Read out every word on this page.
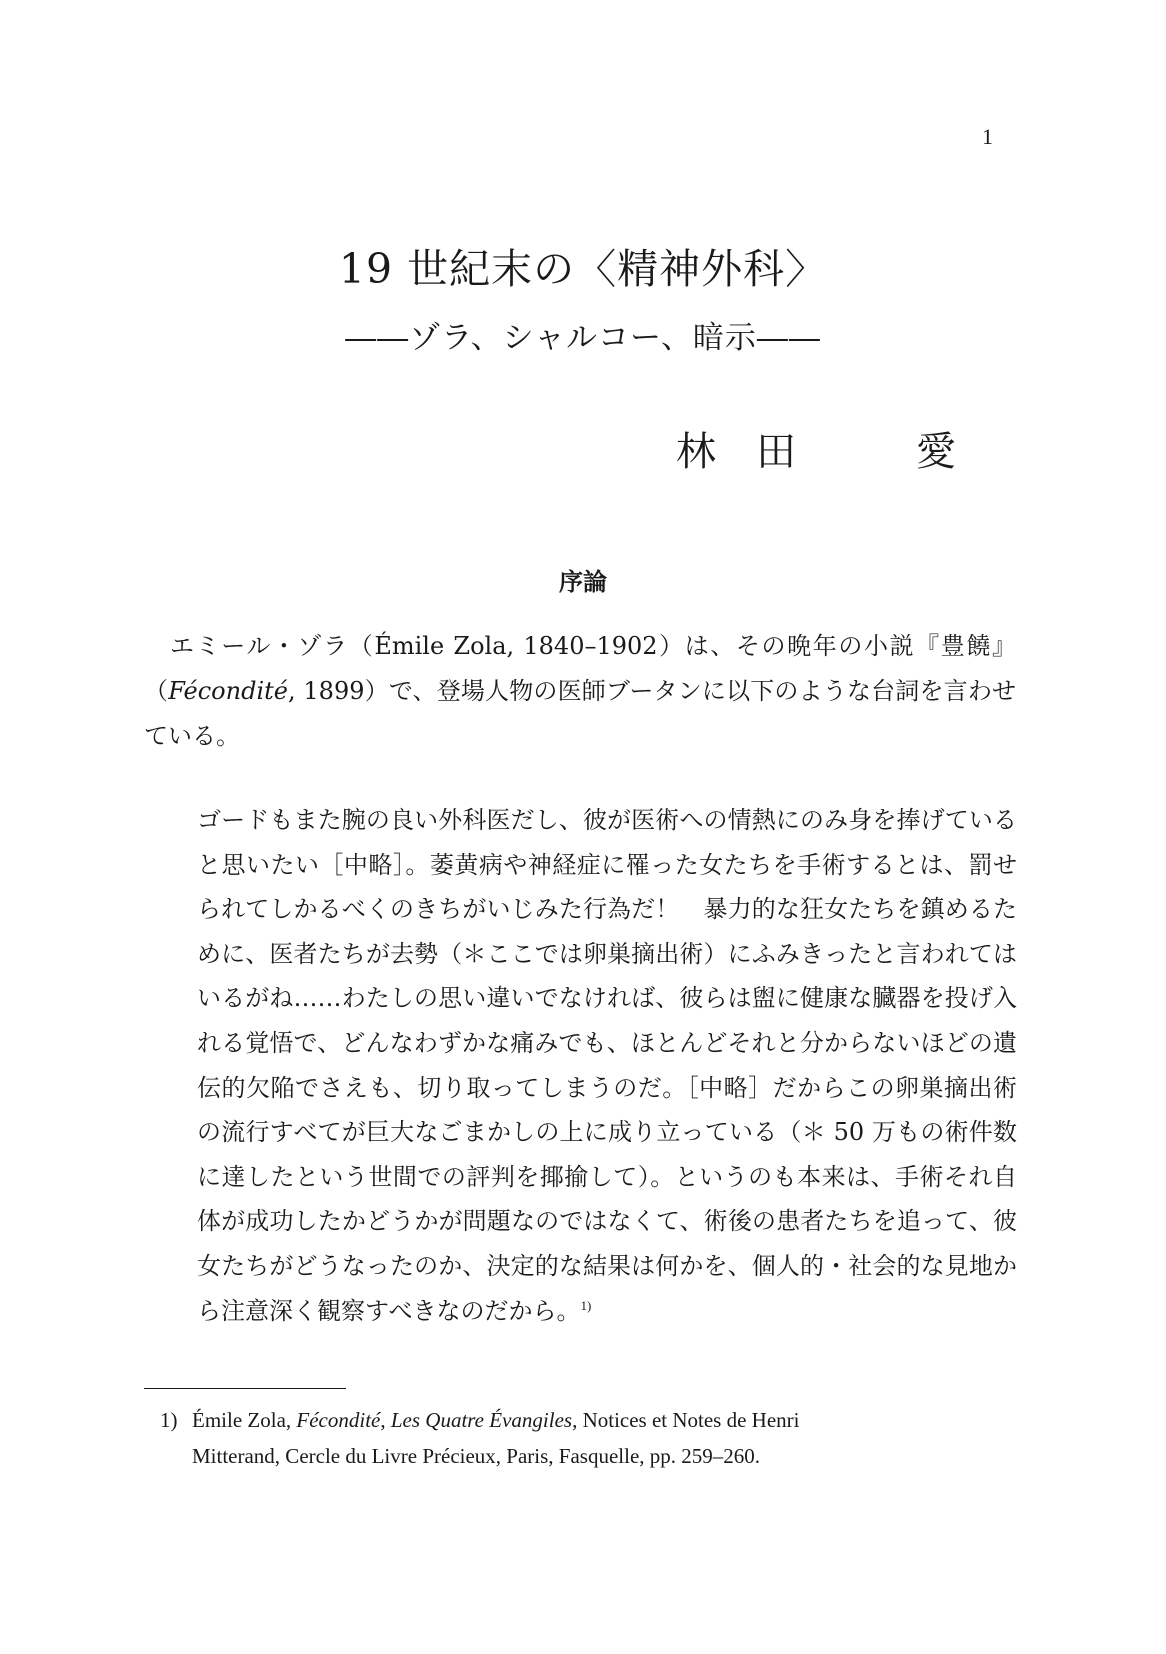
1
19 世紀末の〈精神外科〉
――ゾラ、シャルコー、暗示――
林　田　　　愛
序論

エミール・ゾラ（Émile Zola, 1840–1902）は、その晩年の小説『豊饒』（Fécondité, 1899）で、登場人物の医師ブータンに以下のような台詞を言わせている。

ゴードもまた腕の良い外科医だし、彼が医術への情熱にのみ身を捧げていると思いたい［中略］。萎黄病や神経症に罹った女たちを手術するとは、罰せられてしかるべくのきちがいじみた行為だ！　暴力的な狂女たちを鎮めるために、医者たちが去勢（＊ここでは卵巣摘出術）にふみきったと言われてはいるがね……わたしの思い違いでなければ、彼らは盥に健康な臓器を投げ入れる覚悟で、どんなわずかな痛みでも、ほとんどそれと分からないほどの遺伝的欠陥でさえも、切り取ってしまうのだ。［中略］だからこの卵巣摘出術の流行すべてが巨大なごまかしの上に成り立っている（＊ 50 万もの術件数に達したという世間での評判を揶揄して）。というのも本来は、手術それ自体が成功したかどうかが問題なのではなくて、術後の患者たちを追って、彼女たちがどうなったのか、決定的な結果は何かを、個人的・社会的な見地から注意深く観察すべきなのだから。$^{1)}$

1) Émile Zola, Fécondité, Les Quatre Évangiles, Notices et Notes de Henri
Mitterand, Cercle du Livre Précieux, Paris, Fasquelle, pp. 259–260.
